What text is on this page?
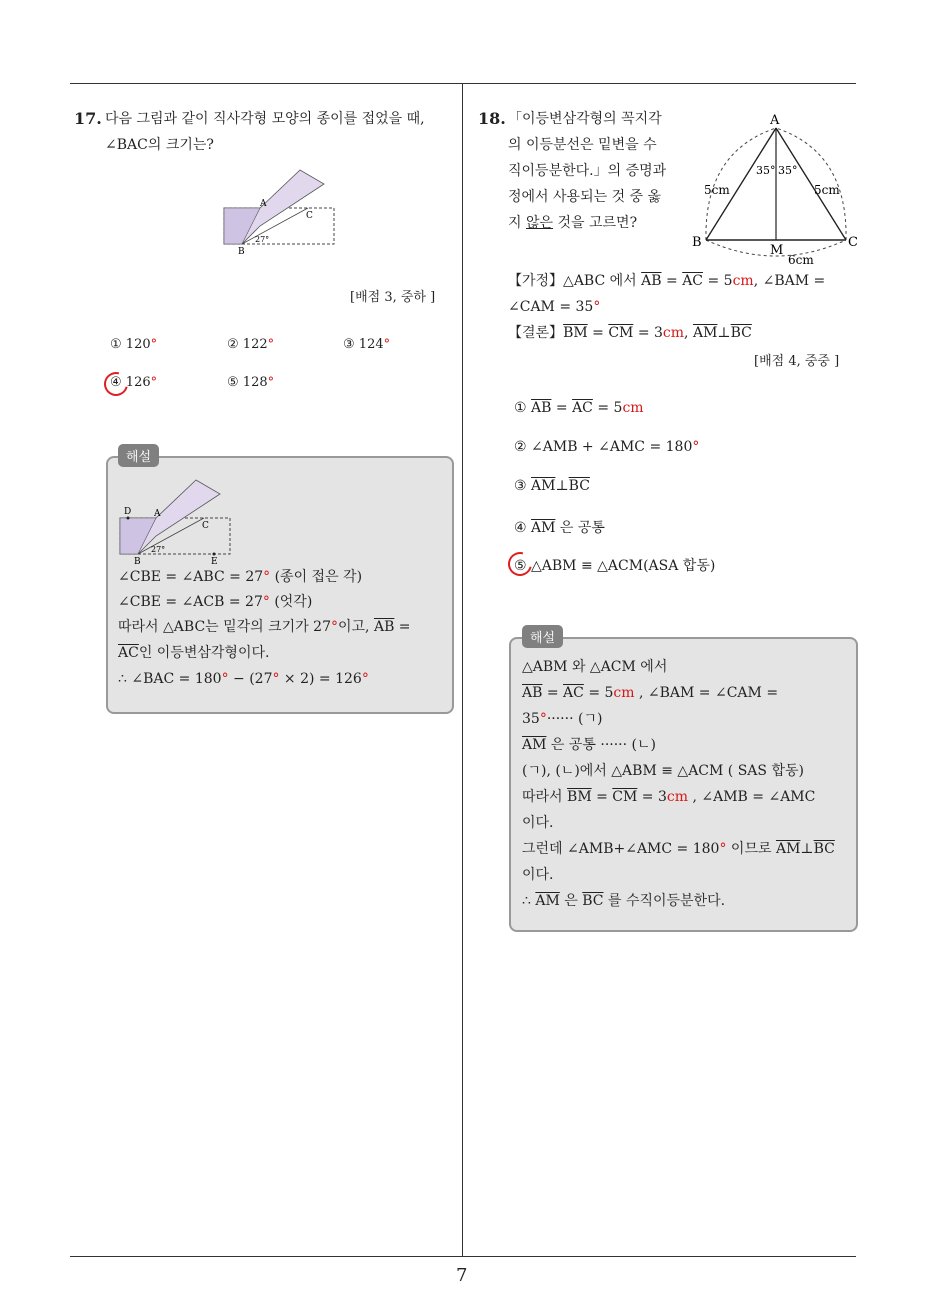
7
17. 다음 그림과 같이 직사각형 모양의 종이를 접었을 때,
∠BAC의 크기는?
A
C
B
27°
[배점 3, 중하 ]
① 120°	② 122°	③ 124°
④ 126°	⑤ 128°
해설
D	A
C
B	E
27°
∠CBE = ∠ABC = 27° (종이 접은 각)
∠CBE = ∠ACB = 27° (엇각)
따라서 △ABC는 밑각의 크기가 27°이고, $\overline{AB}$ =
$\overline{AC}$인 이등변삼각형이다.
∴ ∠BAC = 180° − (27° × 2) = 126°
18. 「이등변삼각형의 꼭지각
의 이등분선은 밑변을 수
직이등분한다.」의 증명과
정에서 사용되는 것 중 옳
지 않은 것을 고르면?
A
B	C
M
5cm	5cm
6cm
35° 35°
【가정】△ABC 에서 $\overline{AB} = \overline{AC} = 5cm$, ∠BAM =
∠CAM = 35°
【결론】$\overline{BM} = \overline{CM} = 3cm$, $\overline{AM}\perp\overline{BC}$
[배점 4, 중중 ]
① $\overline{AB} = \overline{AC} = 5cm$
② ∠AMB + ∠AMC = 180°
③ $\overline{AM}\perp\overline{BC}$
④ $\overline{AM}$ 은 공통
⑤ △ABM ≡ △ACM(ASA 합동)
해설
△ABM 와 △ACM 에서
$\overline{AB} = \overline{AC} = 5cm$ , ∠BAM = ∠CAM =
35°······ (ㄱ)
$\overline{AM}$ 은 공통 ······ (ㄴ)
(ㄱ), (ㄴ)에서 △ABM ≡ △ACM ( SAS 합동)
따라서 $\overline{BM} = \overline{CM} = 3cm$ , ∠AMB = ∠AMC
이다.
그런데 ∠AMB+∠AMC = 180° 이므로 $\overline{AM}\perp\overline{BC}$
이다.
∴ $\overline{AM}$ 은 $\overline{BC}$ 를 수직이등분한다.
